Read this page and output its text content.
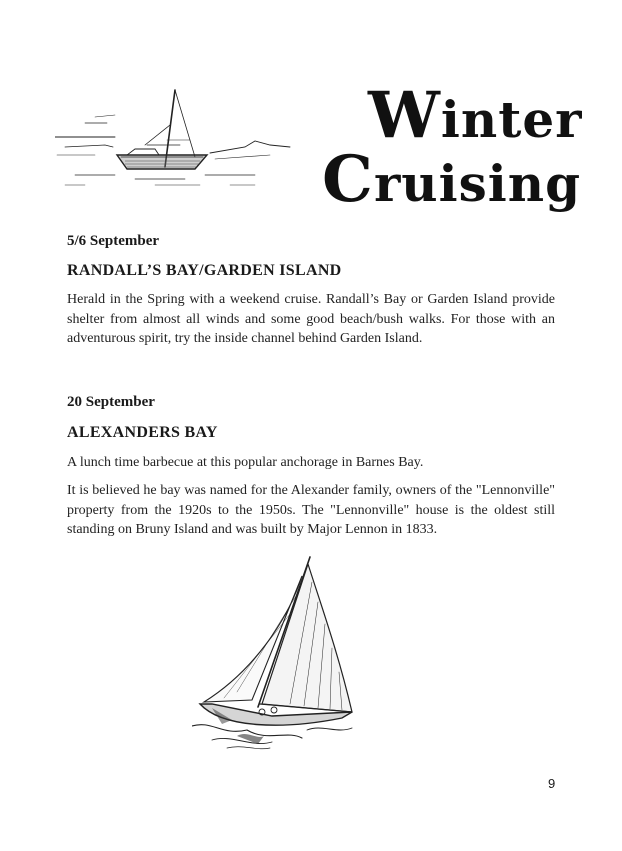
Winter
Cruising
5/6 September
RANDALL’S BAY/GARDEN ISLAND
Herald in the Spring with a weekend cruise. Randall’s Bay or Garden Island provide shelter from almost all winds and some good beach/bush walks. For those with an adventurous spirit, try the inside channel behind Garden Island.
20 September
ALEXANDERS BAY
A lunch time barbecue at this popular anchorage in Barnes Bay.
It is believed he bay was named for the Alexander family, owners of the "Lennonville" property from the 1920s to the 1950s. The "Lennonville" house is the oldest still standing on Bruny Island and was built by Major Lennon in 1833.
9
